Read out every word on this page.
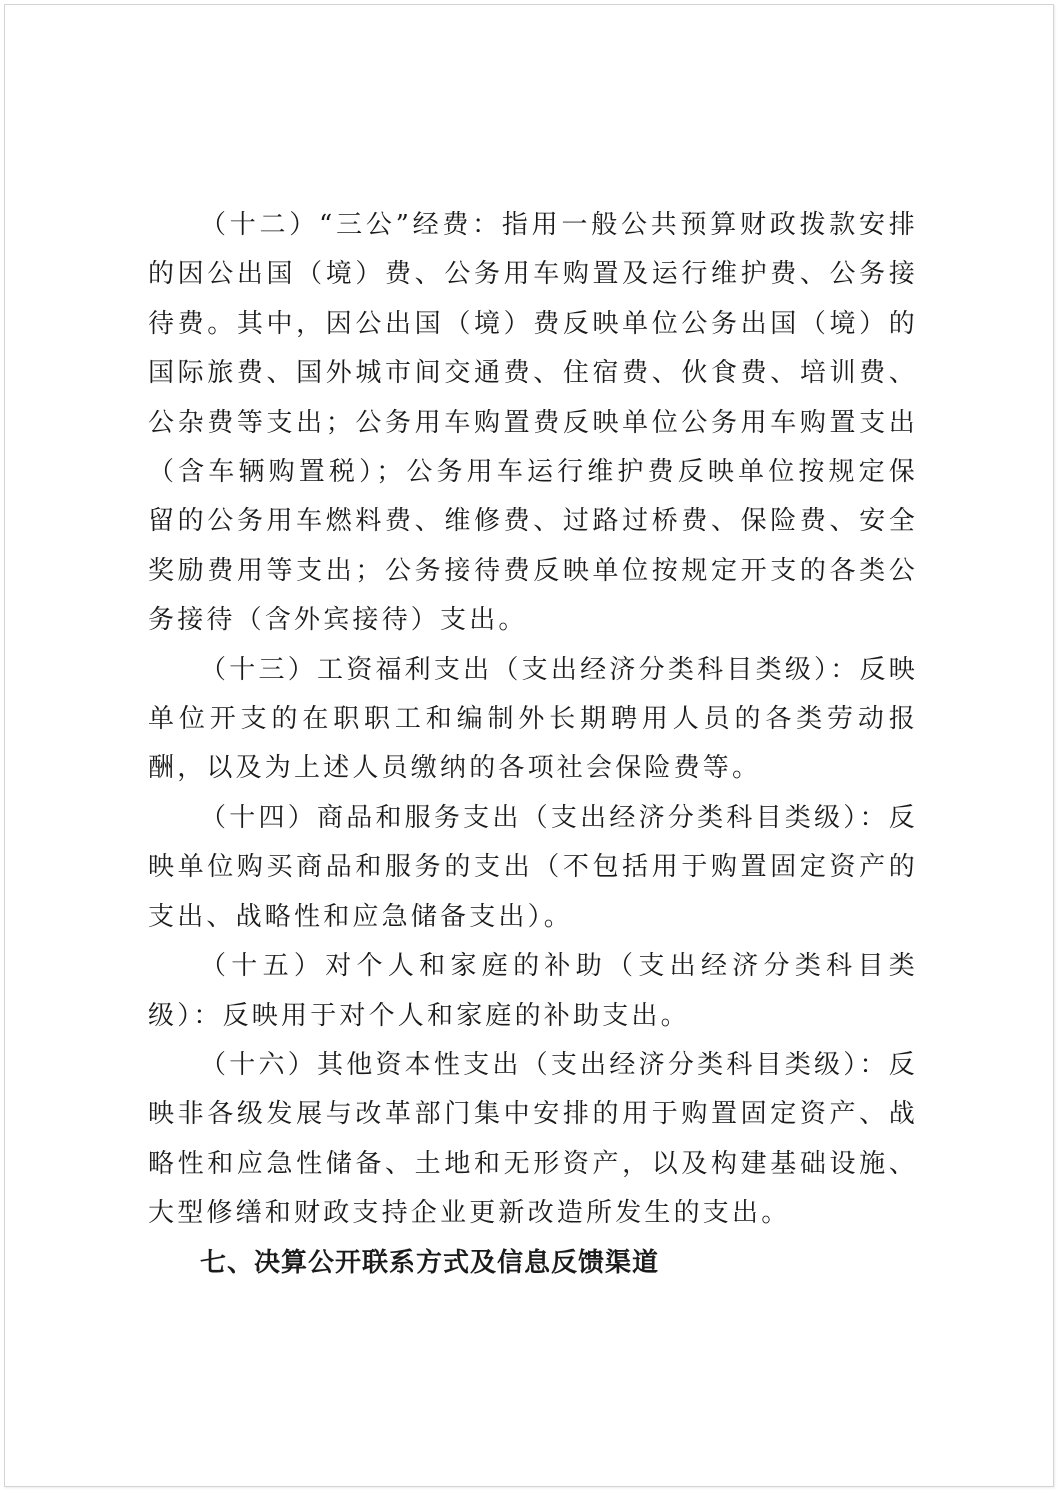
（十二）“三公”经费：指用一般公共预算财政拨款安排的因公出国（境）费、公务用车购置及运行维护费、公务接待费。其中，因公出国（境）费反映单位公务出国（境）的国际旅费、国外城市间交通费、住宿费、伙食费、培训费、公杂费等支出；公务用车购置费反映单位公务用车购置支出（含车辆购置税）；公务用车运行维护费反映单位按规定保留的公务用车燃料费、维修费、过路过桥费、保险费、安全奖励费用等支出；公务接待费反映单位按规定开支的各类公务接待（含外宾接待）支出。

（十三）工资福利支出（支出经济分类科目类级）：反映单位开支的在职职工和编制外长期聘用人员的各类劳动报酬，以及为上述人员缴纳的各项社会保险费等。

（十四）商品和服务支出（支出经济分类科目类级）：反映单位购买商品和服务的支出（不包括用于购置固定资产的支出、战略性和应急储备支出）。

（十五）对个人和家庭的补助（支出经济分类科目类级）：反映用于对个人和家庭的补助支出。

（十六）其他资本性支出（支出经济分类科目类级）：反映非各级发展与改革部门集中安排的用于购置固定资产、战略性和应急性储备、土地和无形资产，以及构建基础设施、大型修缮和财政支持企业更新改造所发生的支出。

七、决算公开联系方式及信息反馈渠道
